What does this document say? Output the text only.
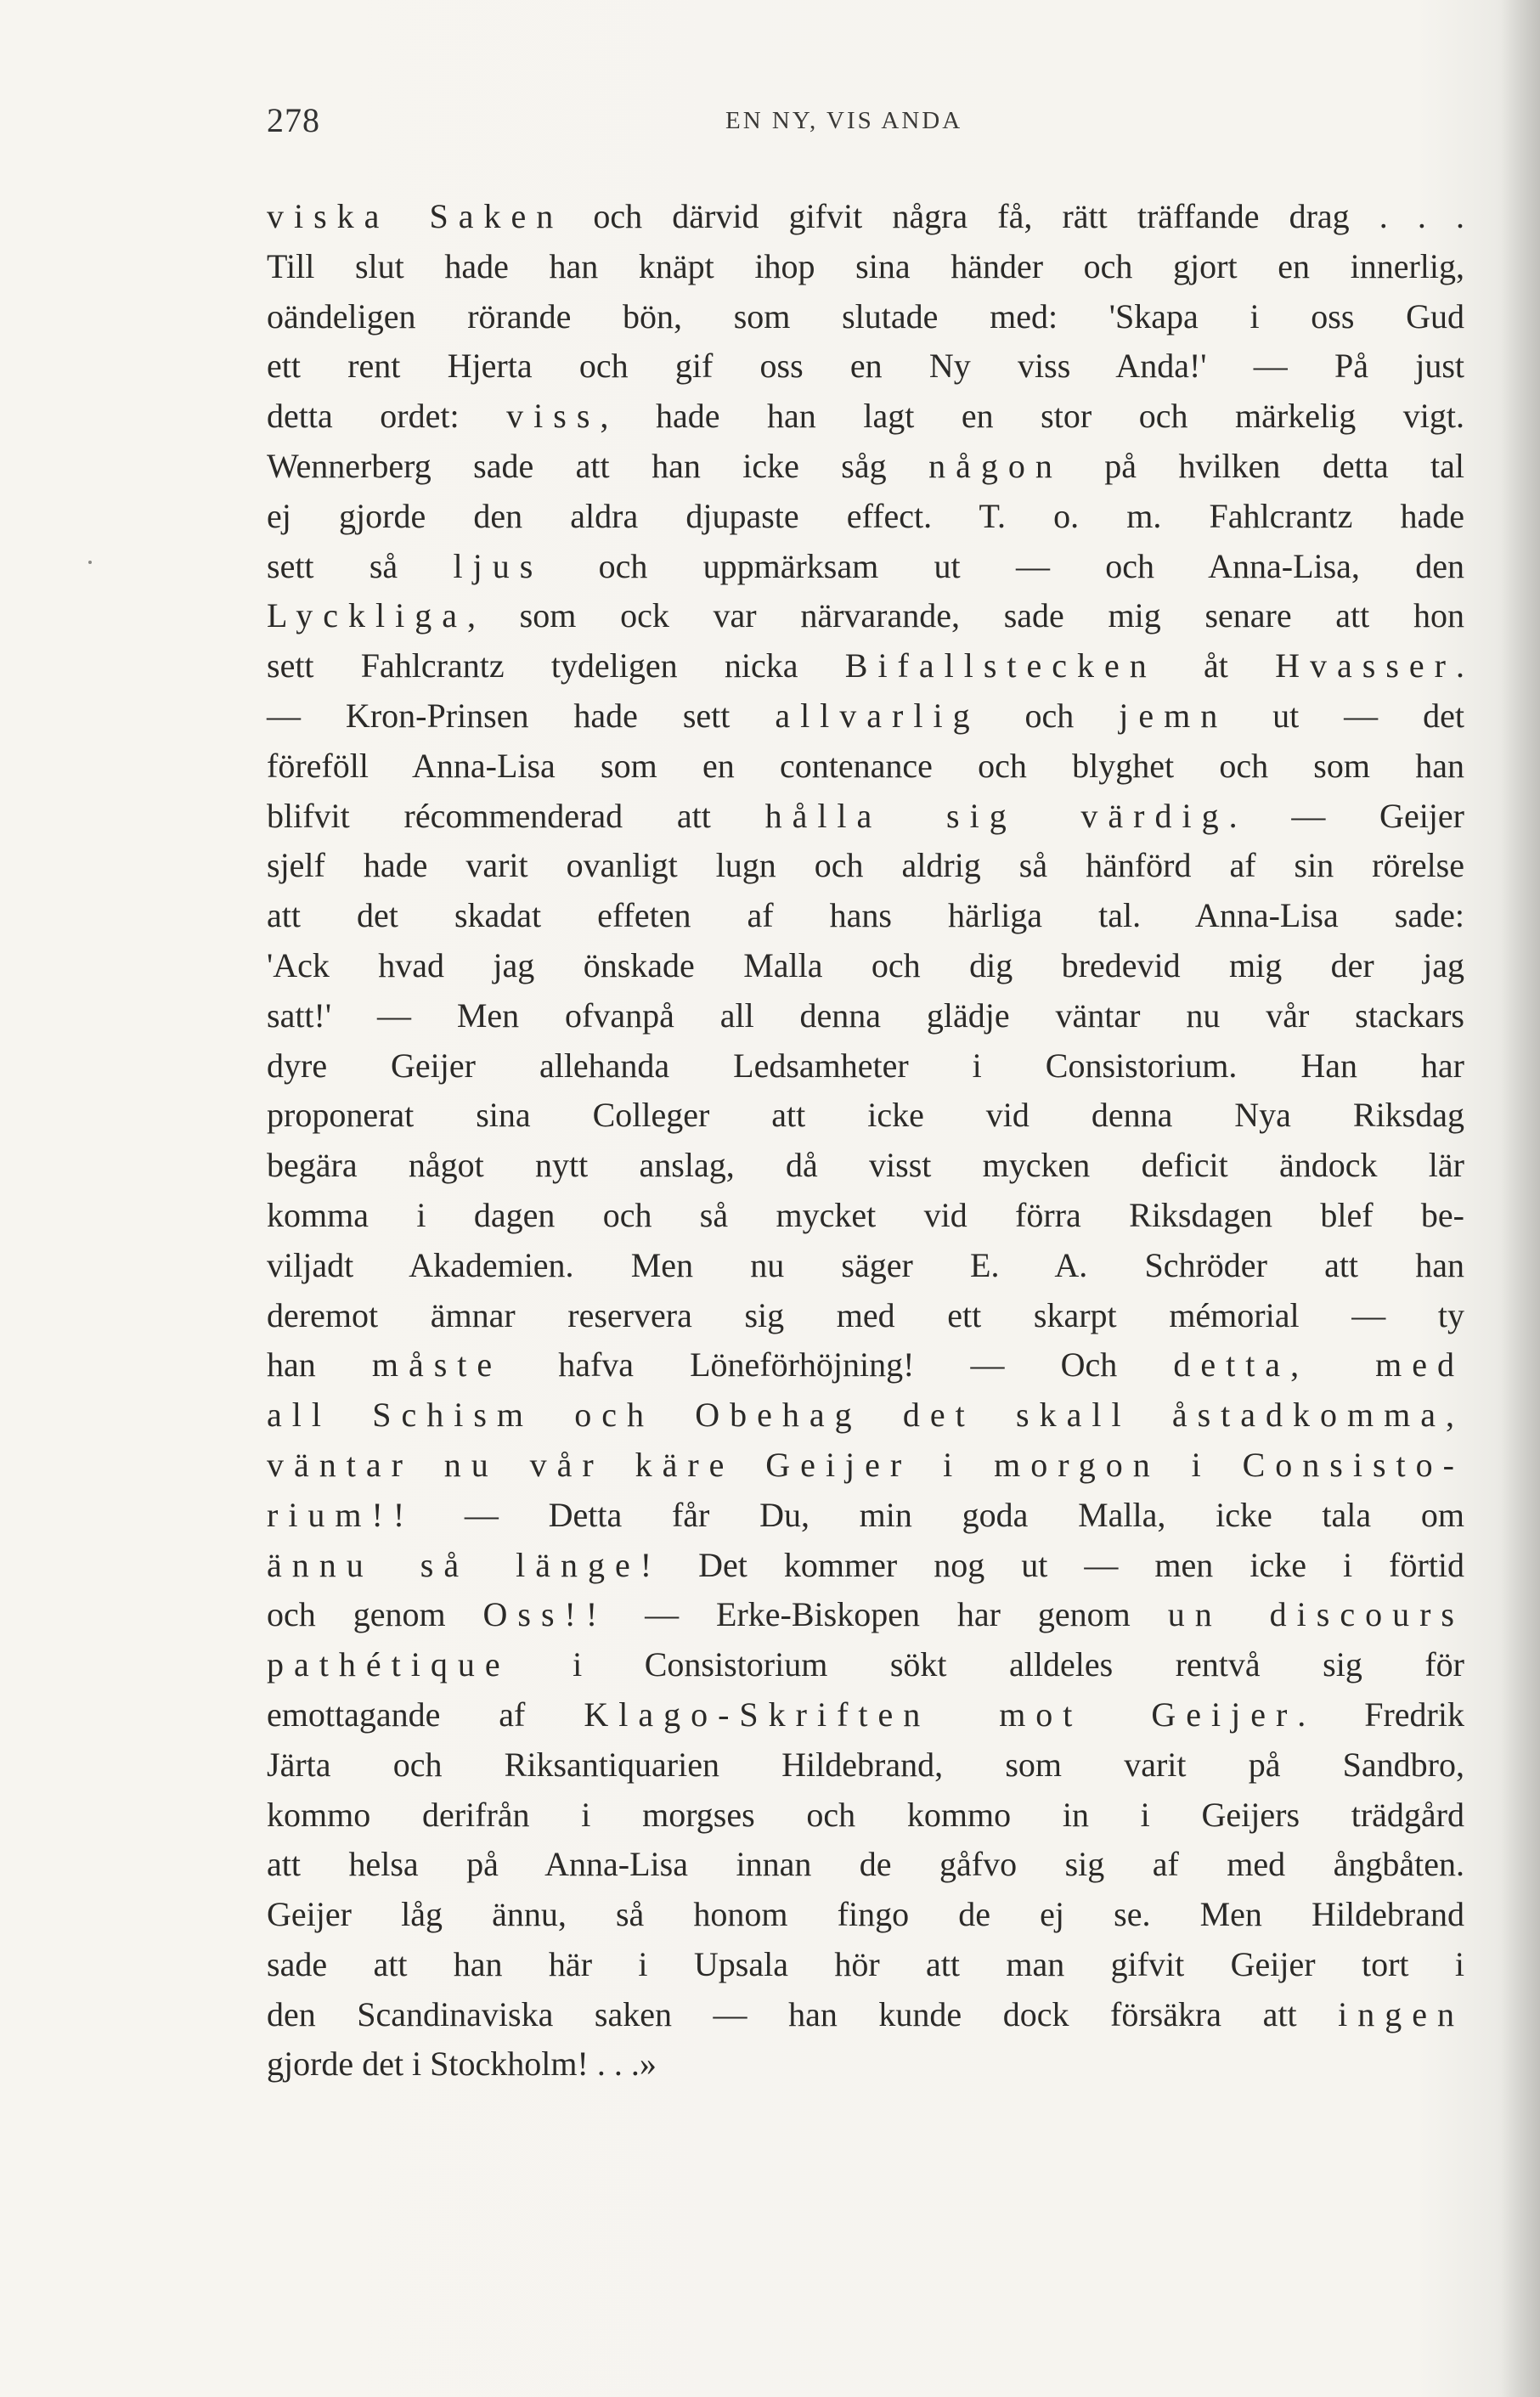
278	EN NY, VIS ANDA
viska Saken och därvid gifvit några få, rätt träffande drag . . .
Till slut hade han knäpt ihop sina händer och gjort en innerlig,
oändeligen rörande bön, som slutade med: 'Skapa i oss Gud
ett rent Hjerta och gif oss en Ny viss Anda!' — På just
detta ordet: viss, hade han lagt en stor och märkelig vigt.
Wennerberg sade att han icke såg någon på hvilken detta tal
ej gjorde den aldra djupaste effect. T. o. m. Fahlcrantz hade
sett så ljus och uppmärksam ut — och Anna-Lisa, den
Lyckliga, som ock var närvarande, sade mig senare att hon
sett Fahlcrantz tydeligen nicka Bifallstecken åt Hvasser.
— Kron-Prinsen hade sett allvarlig och jemn ut — det
föreföll Anna-Lisa som en contenance och blyghet och som han
blifvit récommenderad att hålla sig värdig. — Geijer
sjelf hade varit ovanligt lugn och aldrig så hänförd af sin rörelse
att det skadat effeten af hans härliga tal. Anna-Lisa sade:
'Ack hvad jag önskade Malla och dig bredevid mig der jag
satt!' — Men ofvanpå all denna glädje väntar nu vår stackars
dyre Geijer allehanda Ledsamheter i Consistorium. Han har
proponerat sina Colleger att icke vid denna Nya Riksdag
begära något nytt anslag, då visst mycken deficit ändock lär
komma i dagen och så mycket vid förra Riksdagen blef be-
viljadt Akademien. Men nu säger E. A. Schröder att han
deremot ämnar reservera sig med ett skarpt mémorial — ty
han måste hafva Löneförhöjning! — Och detta, med
all Schism och Obehag det skall åstadkomma,
väntar nu vår käre Geijer i morgon i Consisto-
rium!! — Detta får Du, min goda Malla, icke tala om
ännu så länge! Det kommer nog ut — men icke i förtid
och genom Oss!! — Erke-Biskopen har genom un discours
pathétique i Consistorium sökt alldeles rentvå sig för
emottagande af Klago-Skriften mot Geijer. Fredrik
Järta och Riksantiquarien Hildebrand, som varit på Sandbro,
kommo derifrån i morgses och kommo in i Geijers trädgård
att helsa på Anna-Lisa innan de gåfvo sig af med ångbåten.
Geijer låg ännu, så honom fingo de ej se. Men Hildebrand
sade att han här i Upsala hör att man gifvit Geijer tort i
den Scandinaviska saken — han kunde dock försäkra att ingen
gjorde det i Stockholm! . . .»
